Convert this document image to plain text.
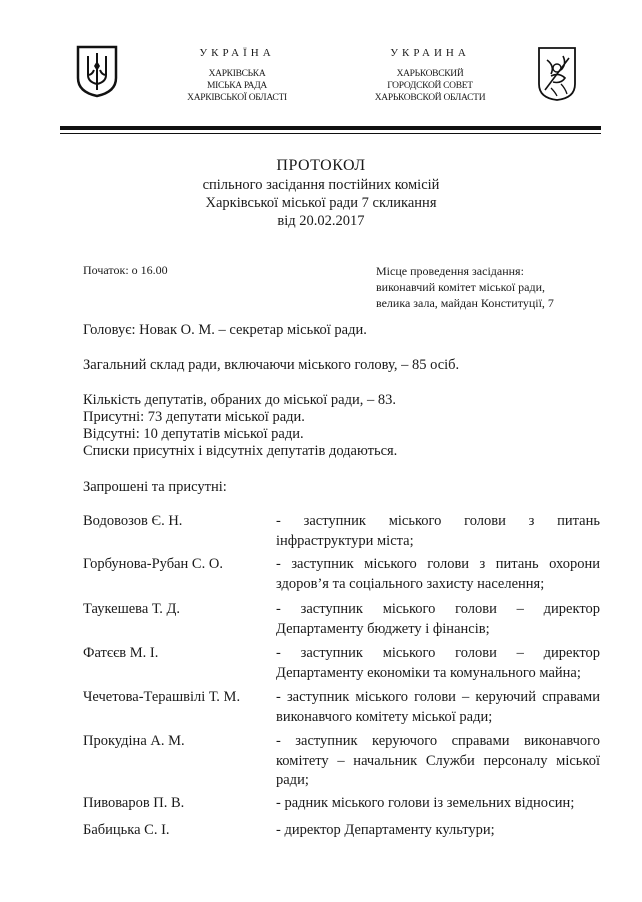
УКРАЇНА
ХАРКІВСЬКА
МІСЬКА РАДА
ХАРКІВСЬКОЇ ОБЛАСТІ
УКРАИНА
ХАРЬКОВСКИЙ
ГОРОДСКОЙ СОВЕТ
ХАРЬКОВСКОЙ ОБЛАСТИ
ПРОТОКОЛ
спільного засідання постійних комісій
Харківської міської ради 7 скликання
від 20.02.2017
Початок: о 16.00	Місце проведення засідання:
виконавчий комітет міської ради,
велика зала, майдан Конституції, 7
Головує: Новак О. М. – секретар міської ради.
Загальний склад ради, включаючи міського голову, – 85 осіб.
Кількість депутатів, обраних до міської ради, – 83.
Присутні: 73 депутати міської ради.
Відсутні: 10 депутатів міської ради.
Списки присутніх і відсутніх депутатів додаються.
Запрошені та присутні:
Водовозов Є. Н.	- заступник міського голови з питань інфраструктури міста;
Горбунова-Рубан С. О.	- заступник міського голови з питань охорони здоров’я та соціального захисту населення;
Таукешева Т. Д.	- заступник міського голови – директор Департаменту бюджету і фінансів;
Фатєєв М. І.	- заступник міського голови – директор Департаменту економіки та комунального майна;
Чечетова-Терашвілі Т. М. - заступник міського голови – керуючий справами виконавчого комітету міської ради;
Прокудіна А. М.	- заступник керуючого справами виконавчого комітету – начальник Служби персоналу міської ради;
Пивоваров П. В.	- радник міського голови із земельних відносин;
Бабицька С. І.	- директор Департаменту культури;
